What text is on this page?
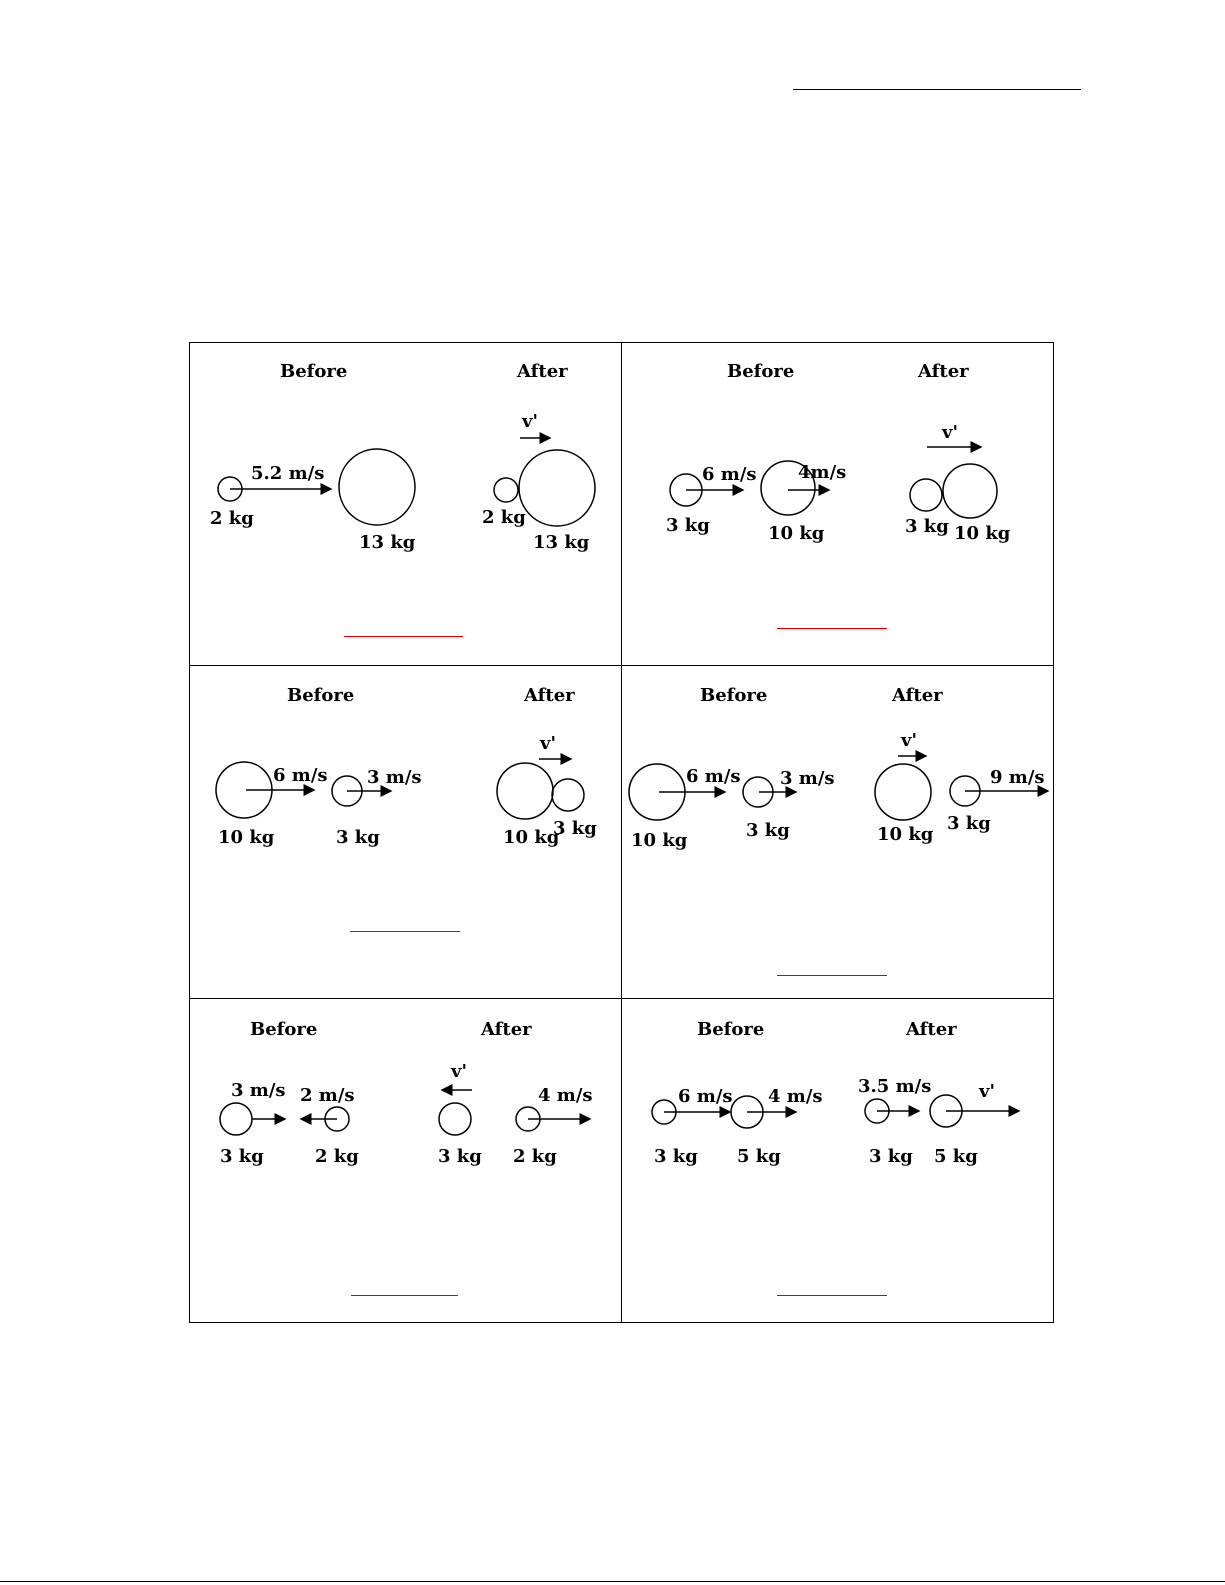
Before	After
5.2 m/s
2 kg
13 kg
v'
2 kg
13 kg
Before	After
6 m/s
3 kg
4m/s
10 kg
v'
3 kg 10 kg
Before	After
6 m/s
10 kg
3 m/s
3 kg
v'
10 kg
3 kg
Before	After
6 m/s
10 kg
3 m/s
3 kg
v'
10 kg
9 m/s
3 kg
Before	After
3 m/s
3 kg
2 m/s
2 kg
v'
3 kg
4 m/s
2 kg
Before	After
6 m/s
3 kg
4 m/s
5 kg
3.5 m/s
3 kg
v'
5 kg
